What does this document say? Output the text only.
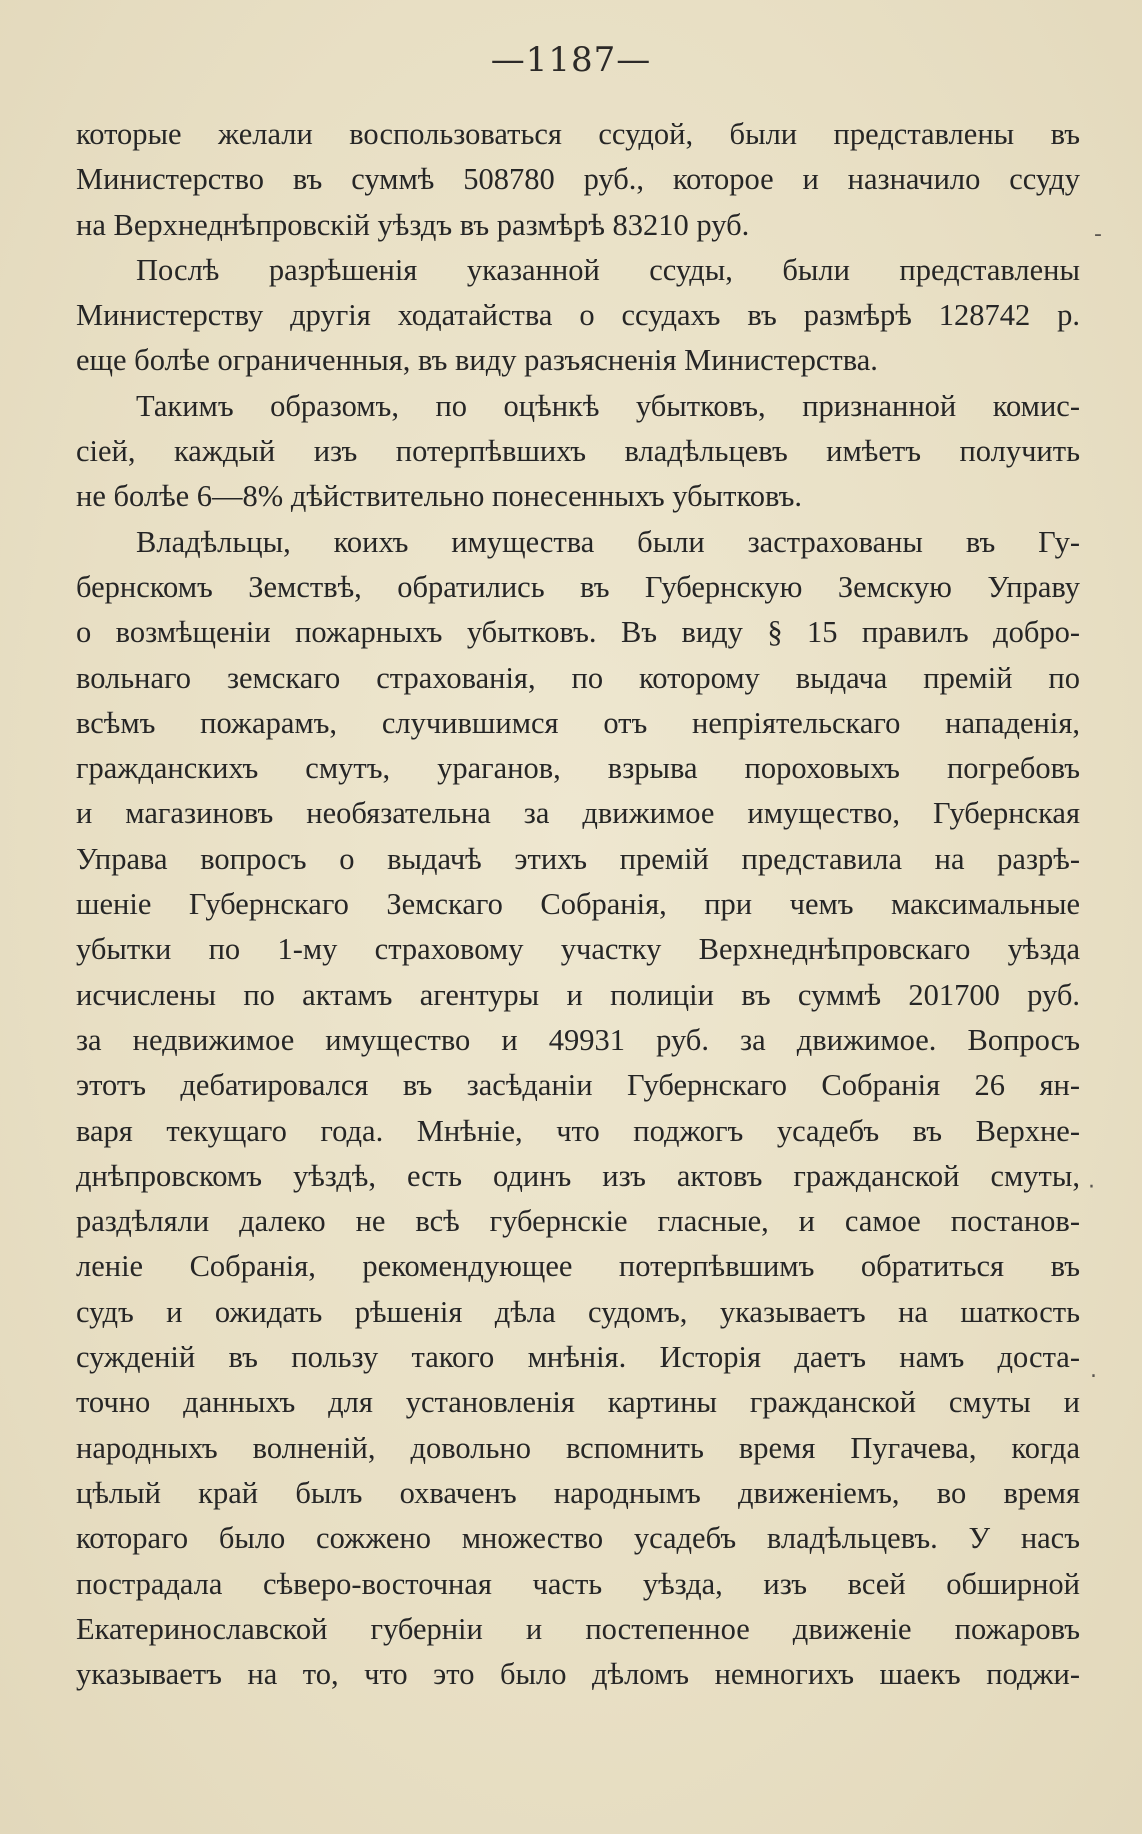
—1187—
которые желали воспользоваться ссудой, были представлены въ
Министерство въ суммѣ 508780 руб., которое и назначило ссуду
на Верхнеднѣпровскій уѣздъ въ размѣрѣ 83210 руб.
Послѣ разрѣшенія указанной ссуды, были представлены
Министерству другія ходатайства о ссудахъ въ размѣрѣ 128742 р.
еще болѣе ограниченныя, въ виду разъясненія Министерства.
Такимъ образомъ, по оцѣнкѣ убытковъ, признанной комис-
сіей, каждый изъ потерпѣвшихъ владѣльцевъ имѣетъ получить
не болѣе 6—8% дѣйствительно понесенныхъ убытковъ.
Владѣльцы, коихъ имущества были застрахованы въ Гу-
бернскомъ Земствѣ, обратились въ Губернскую Земскую Управу
о возмѣщеніи пожарныхъ убытковъ. Въ виду § 15 правилъ добро-
вольнаго земскаго страхованія, по которому выдача премій по
всѣмъ пожарамъ, случившимся отъ непріятельскаго нападенія,
гражданскихъ смутъ, ураганов, взрыва пороховыхъ погребовъ
и магазиновъ необязательна за движимое имущество, Губернская
Управа вопросъ о выдачѣ этихъ премій представила на разрѣ-
шеніе Губернскаго Земскаго Собранія, при чемъ максимальные
убытки по 1-му страховому участку Верхнеднѣпровскаго уѣзда
исчислены по актамъ агентуры и полиціи въ суммѣ 201700 руб.
за недвижимое имущество и 49931 руб. за движимое. Вопросъ
этотъ дебатировался въ засѣданіи Губернскаго Собранія 26 ян-
варя текущаго года. Мнѣніе, что поджогъ усадебъ въ Верхне-
днѣпровскомъ уѣздѣ, есть одинъ изъ актовъ гражданской смуты,
раздѣляли далеко не всѣ губернскіе гласные, и самое постанов-
леніе Собранія, рекомендующее потерпѣвшимъ обратиться въ
судъ и ожидать рѣшенія дѣла судомъ, указываетъ на шаткость
сужденій въ пользу такого мнѣнія. Исторія даетъ намъ доста-
точно данныхъ для установленія картины гражданской смуты и
народныхъ волненій, довольно вспомнить время Пугачева, когда
цѣлый край былъ охваченъ народнымъ движеніемъ, во время
котораго было сожжено множество усадебъ владѣльцевъ. У насъ
пострадала сѣверо-восточная часть уѣзда, изъ всей обширной
Екатеринославской губерніи и постепенное движеніе пожаровъ
указываетъ на то, что это было дѣломъ немногихъ шаекъ поджи-
-
·
.
